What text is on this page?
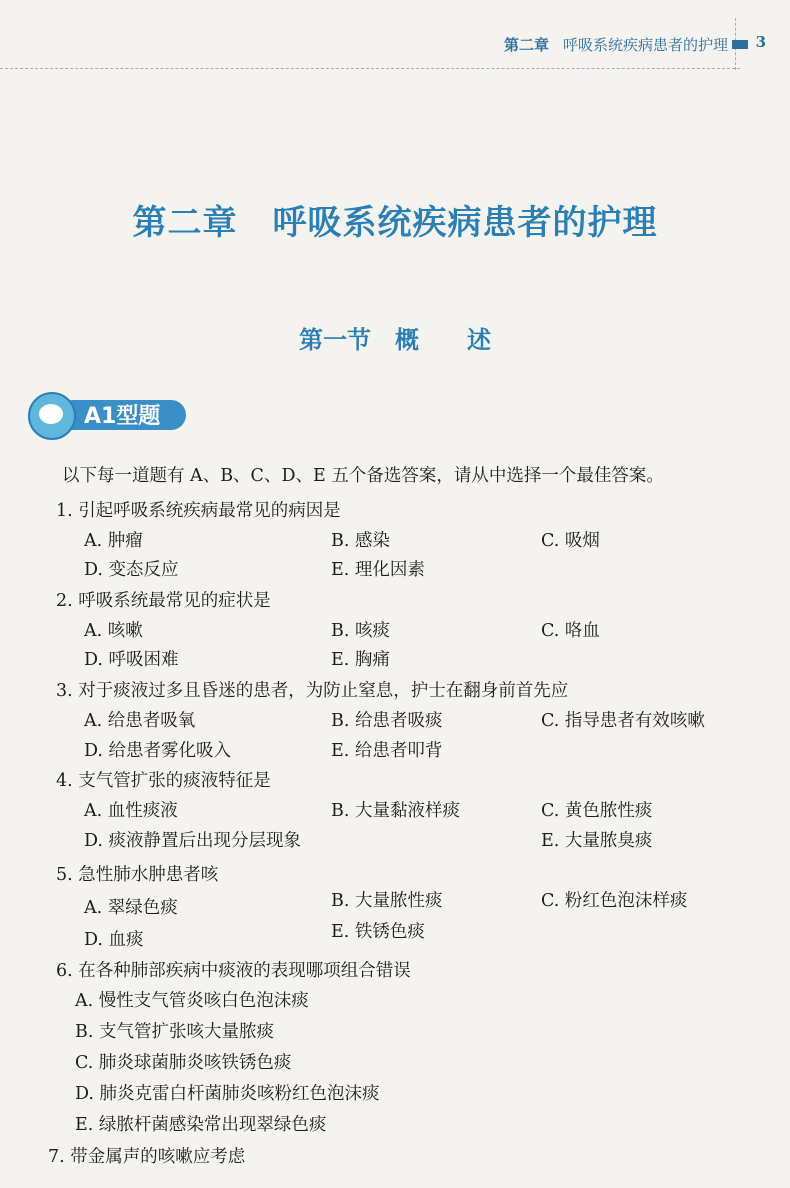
第二章 呼吸系统疾病患者的护理 3
第二章　呼吸系统疾病患者的护理
第一节　概　　述
A1型题
以下每一道题有 A、B、C、D、E 五个备选答案，请从中选择一个最佳答案。
1. 引起呼吸系统疾病最常见的病因是
A. 肿瘤	B. 感染	C. 吸烟
D. 变态反应	E. 理化因素
2. 呼吸系统最常见的症状是
A. 咳嗽	B. 咳痰	C. 咯血
D. 呼吸困难	E. 胸痛
3. 对于痰液过多且昏迷的患者，为防止窒息，护士在翻身前首先应
A. 给患者吸氧	B. 给患者吸痰	C. 指导患者有效咳嗽
D. 给患者雾化吸入	E. 给患者叩背
4. 支气管扩张的痰液特征是
A. 血性痰液	B. 大量黏液样痰	C. 黄色脓性痰
D. 痰液静置后出现分层现象	E. 大量脓臭痰
5. 急性肺水肿患者咳
A. 翠绿色痰	B. 大量脓性痰	C. 粉红色泡沫样痰
D. 血痰	E. 铁锈色痰
6. 在各种肺部疾病中痰液的表现哪项组合错误
A. 慢性支气管炎咳白色泡沫痰
B. 支气管扩张咳大量脓痰
C. 肺炎球菌肺炎咳铁锈色痰
D. 肺炎克雷白杆菌肺炎咳粉红色泡沫痰
E. 绿脓杆菌感染常出现翠绿色痰
7. 带金属声的咳嗽应考虑
